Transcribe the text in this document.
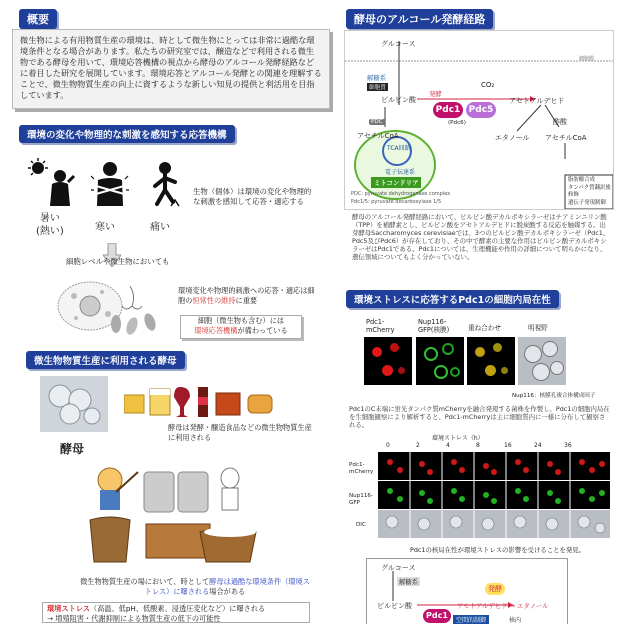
概要
微生物による有用物質生産の環境は、時として微生物にとっては非常に過酷な環境条件となる場合があります。私たちの研究室では、醸造などで利用される微生物である酵母を用いて、環境応答機構の視点から酵母のアルコール発酵経路などに着目した研究を展開しています。環境応答とアルコール発酵との関連を理解することで、微生物物質生産の向上に資するような新しい知見の提供と利活用を目指しています。
環境の変化や物理的な刺激を感知する応答機構
暑い
(熱い)	寒い	痛い
生物（個体）は環境の変化や物理的な刺激を感知して応答・適応する
細胞レベルや微生物においても
環境変化や物理的刺激への応答・適応は細胞の恒常性の維持に重要
細胞（微生物も含む）には
環境応答機構が備わっている
微生物物質生産に利用される酵母
酵母
酵母は発酵・醸造食品などの微生物物質生産に利用される
微生物物質生産の場において、時として酵母は過酷な環境条件（環境ストレス）に曝される場合がある
環境ストレス（高温、低pH、低酸素、浸透圧変化など）に曝される
→ 増殖阻害・代謝抑制による物質生産の低下の可能性
酵母のアルコール発酵経路
グルコース
細胞膜
解糖系
細胞質
ピルビン酸
発酵
Pdc1 Pdc5
(Pdc6)
アセトアルデヒド
CO₂
エタノール
酢酸
アセチルCoA
PDC
アセチルCoA
TCA回路
電子伝達系
ミトコンドリア	脂肪酸合成
タンパク質翻訳後修飾
遺伝子発現制御
PDC: pyruvate dehydrogenase complex
Pdc1/5: pyruvate decarboxylase 1/5
酵母のアルコール発酵経路において、ピルビン酸デカルボキシラーゼはチアミンニリン酸（TPP）を補酵素とし、ピルビン酸をアセトアルデヒドに脱炭酸する反応を触媒する。出芽酵母Saccharomyces cerevisiaeでは、3つのピルビン酸デカルボキシラーゼ（Pdc1、Pdc5及びPdc6）が存在しており、その中で酵素の主要な作用はピルビン酸デカルボキシラーゼはPdc1である。Pdc1については、生理機能や作用の詳細について明らかになり、遺伝領域についてもよく分かっていない。
環境ストレスに応答するPdc1の細胞内局在性
Pdc1-
mCherry
Nup116-
GFP(核膜)	重ね合わせ	明視野
Nup116：核膜孔複合体構成因子
Pdc1のC末端に蛍光タンパク質mCherryを融合発現する菌株を作製し、Pdc1の細胞内局在を生細胞観察により解析すると、Pdc1-mCherryは主に細胞質内に一様に分布して観察される。
環境ストレス（h）
0	2	4	8	16	24	36
Pdc1-
mCherry
Nup116-
GFP
DIC
Pdc1の核局在性が環境ストレスの影響を受けることを発見。
グルコース
解糖系
発酵
ピルビン酸
Pdc1
アセトアルデヒド → エタノール
空間的制御	核内
